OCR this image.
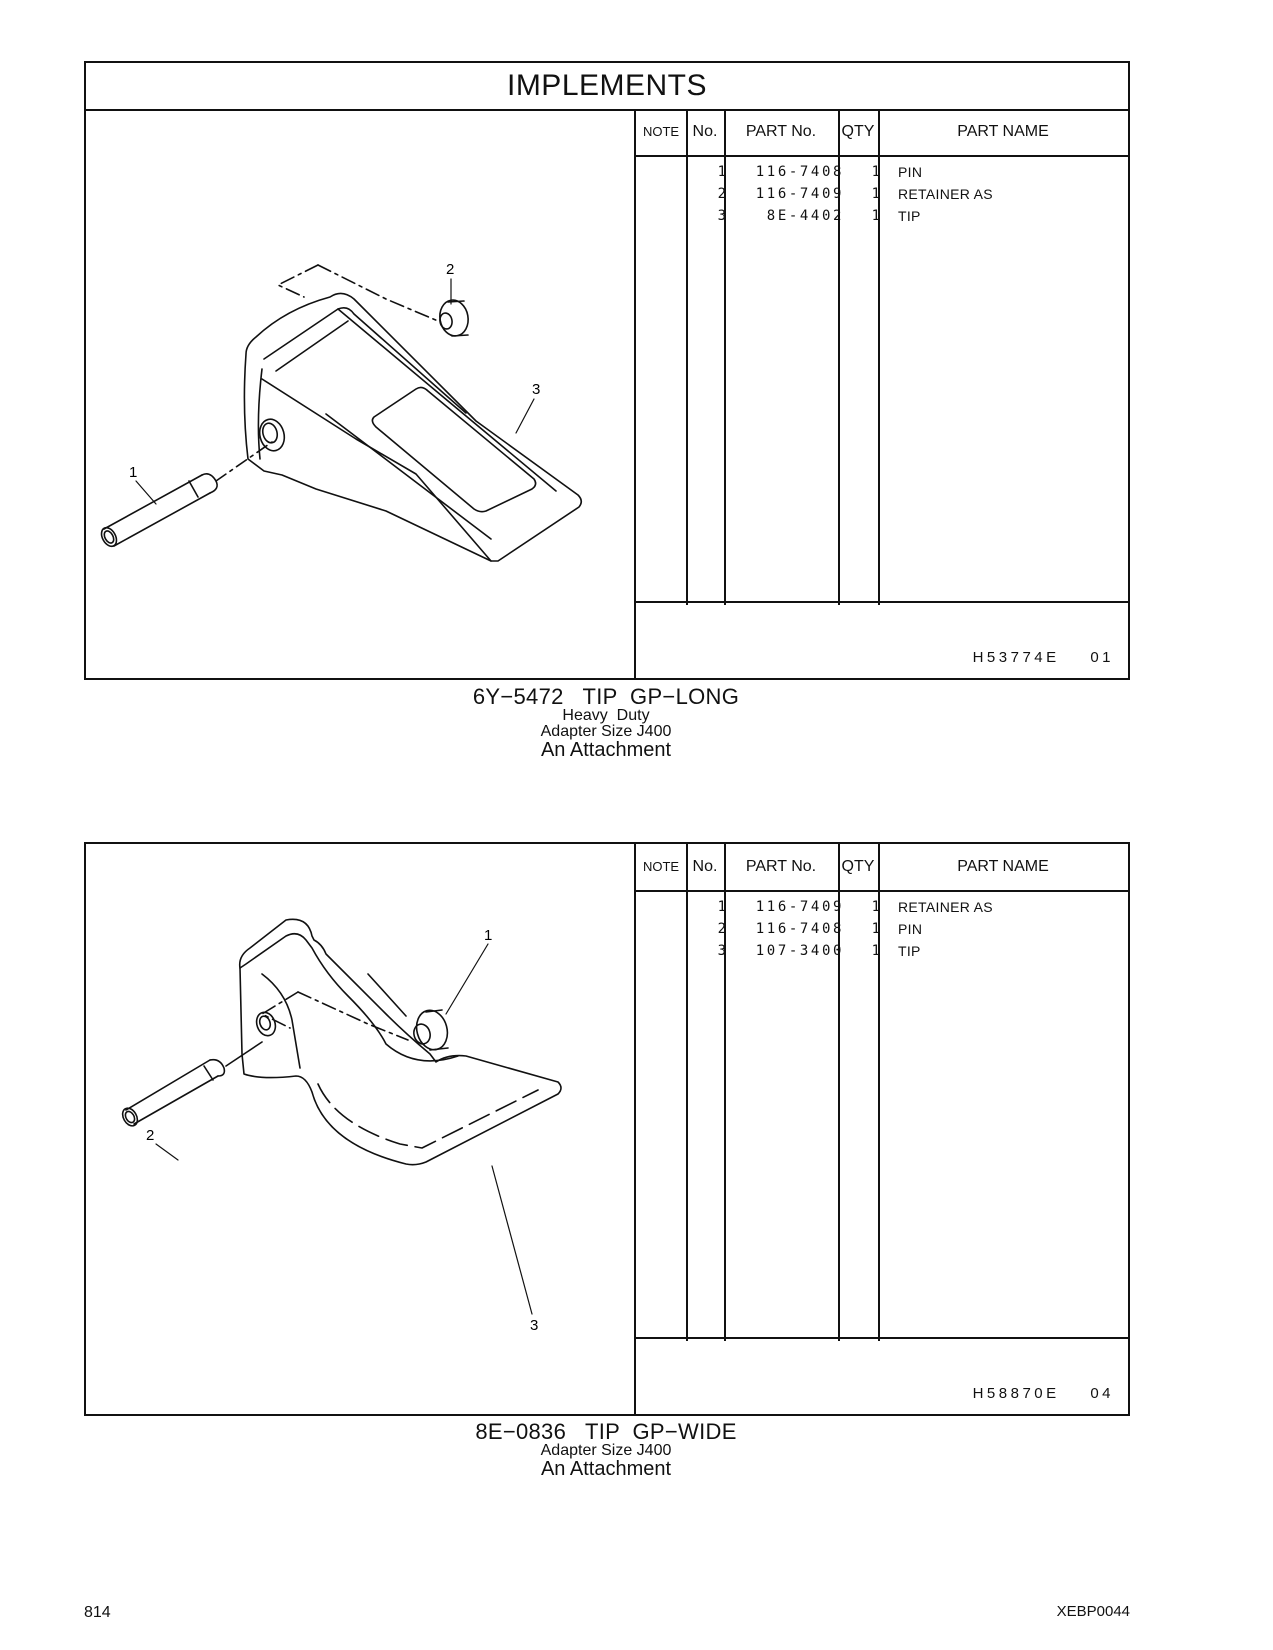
IMPLEMENTS
2
3
1
NOTE No.	PART No.	QTY	PART NAME
1	116-7408	1 PIN
2	116-7409	1 RETAINER AS
3	8E-4402	1 TIP
H53774E    01
6Y−5472   TIP  GP−LONG
Heavy  Duty
Adapter Size J400
An Attachment
1
2
3
NOTE No.	PART No.	QTY	PART NAME
1	116-7409	1 RETAINER AS
2	116-7408	1 PIN
3	107-3400	1 TIP
H58870E    04
8E−0836   TIP  GP−WIDE
Adapter Size J400
An Attachment
814	XEBP0044
